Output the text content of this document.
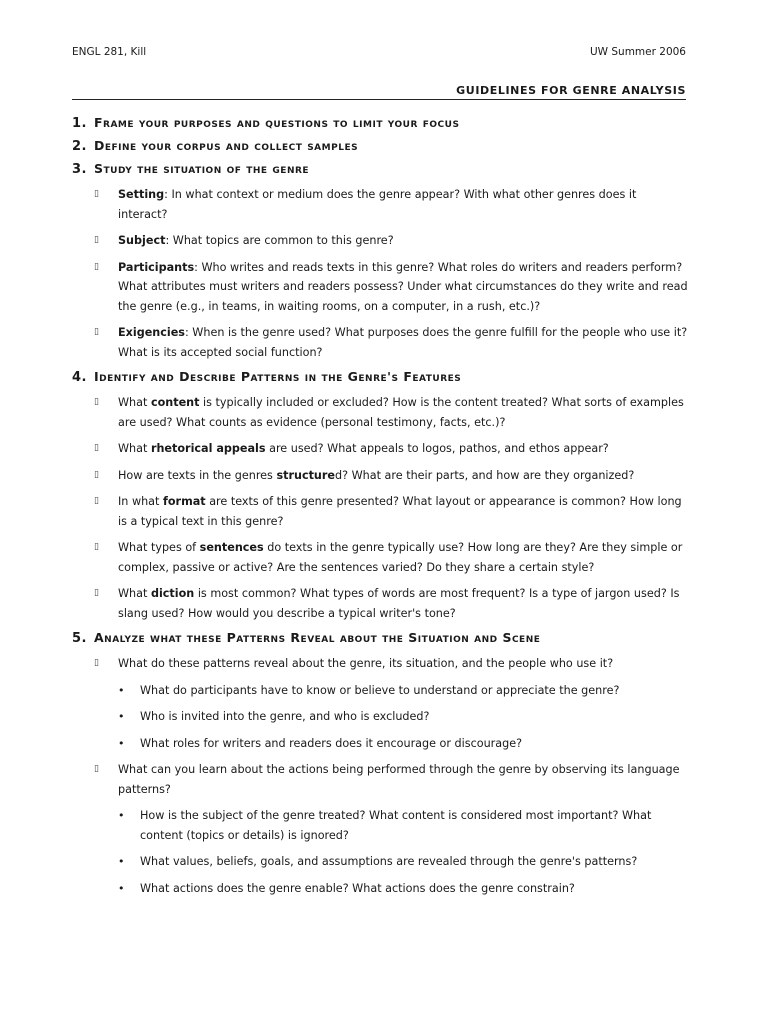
ENGL 281, Kill	UW Summer 2006
GUIDELINES FOR GENRE ANALYSIS
1. Frame your purposes and questions to limit your focus
2. Define your corpus and collect samples
3. Study the situation of the genre
▯	Setting: In what context or medium does the genre appear? With what other genres does it interact?
▯	Subject: What topics are common to this genre?
▯	Participants: Who writes and reads texts in this genre? What roles do writers and readers perform? What attributes must writers and readers possess? Under what circumstances do they write and read the genre (e.g., in teams, in waiting rooms, on a computer, in a rush, etc.)?
▯	Exigencies: When is the genre used? What purposes does the genre fulfill for the people who use it? What is its accepted social function?
4. Identify and Describe Patterns in the Genre's Features
▯	What content is typically included or excluded? How is the content treated? What sorts of examples are used? What counts as evidence (personal testimony, facts, etc.)?
▯	What rhetorical appeals are used? What appeals to logos, pathos, and ethos appear?
▯	How are texts in the genres structured? What are their parts, and how are they organized?
▯	In what format are texts of this genre presented? What layout or appearance is common? How long is a typical text in this genre?
▯	What types of sentences do texts in the genre typically use? How long are they? Are they simple or complex, passive or active? Are the sentences varied? Do they share a certain style?
▯	What diction is most common? What types of words are most frequent? Is a type of jargon used? Is slang used? How would you describe a typical writer's tone?
5. Analyze what these Patterns Reveal about the Situation and Scene
▯	What do these patterns reveal about the genre, its situation, and the people who use it?
•	What do participants have to know or believe to understand or appreciate the genre?
•	Who is invited into the genre, and who is excluded?
•	What roles for writers and readers does it encourage or discourage?
▯	What can you learn about the actions being performed through the genre by observing its language patterns?
•	How is the subject of the genre treated? What content is considered most important? What content (topics or details) is ignored?
•	What values, beliefs, goals, and assumptions are revealed through the genre's patterns?
•	What actions does the genre enable? What actions does the genre constrain?
